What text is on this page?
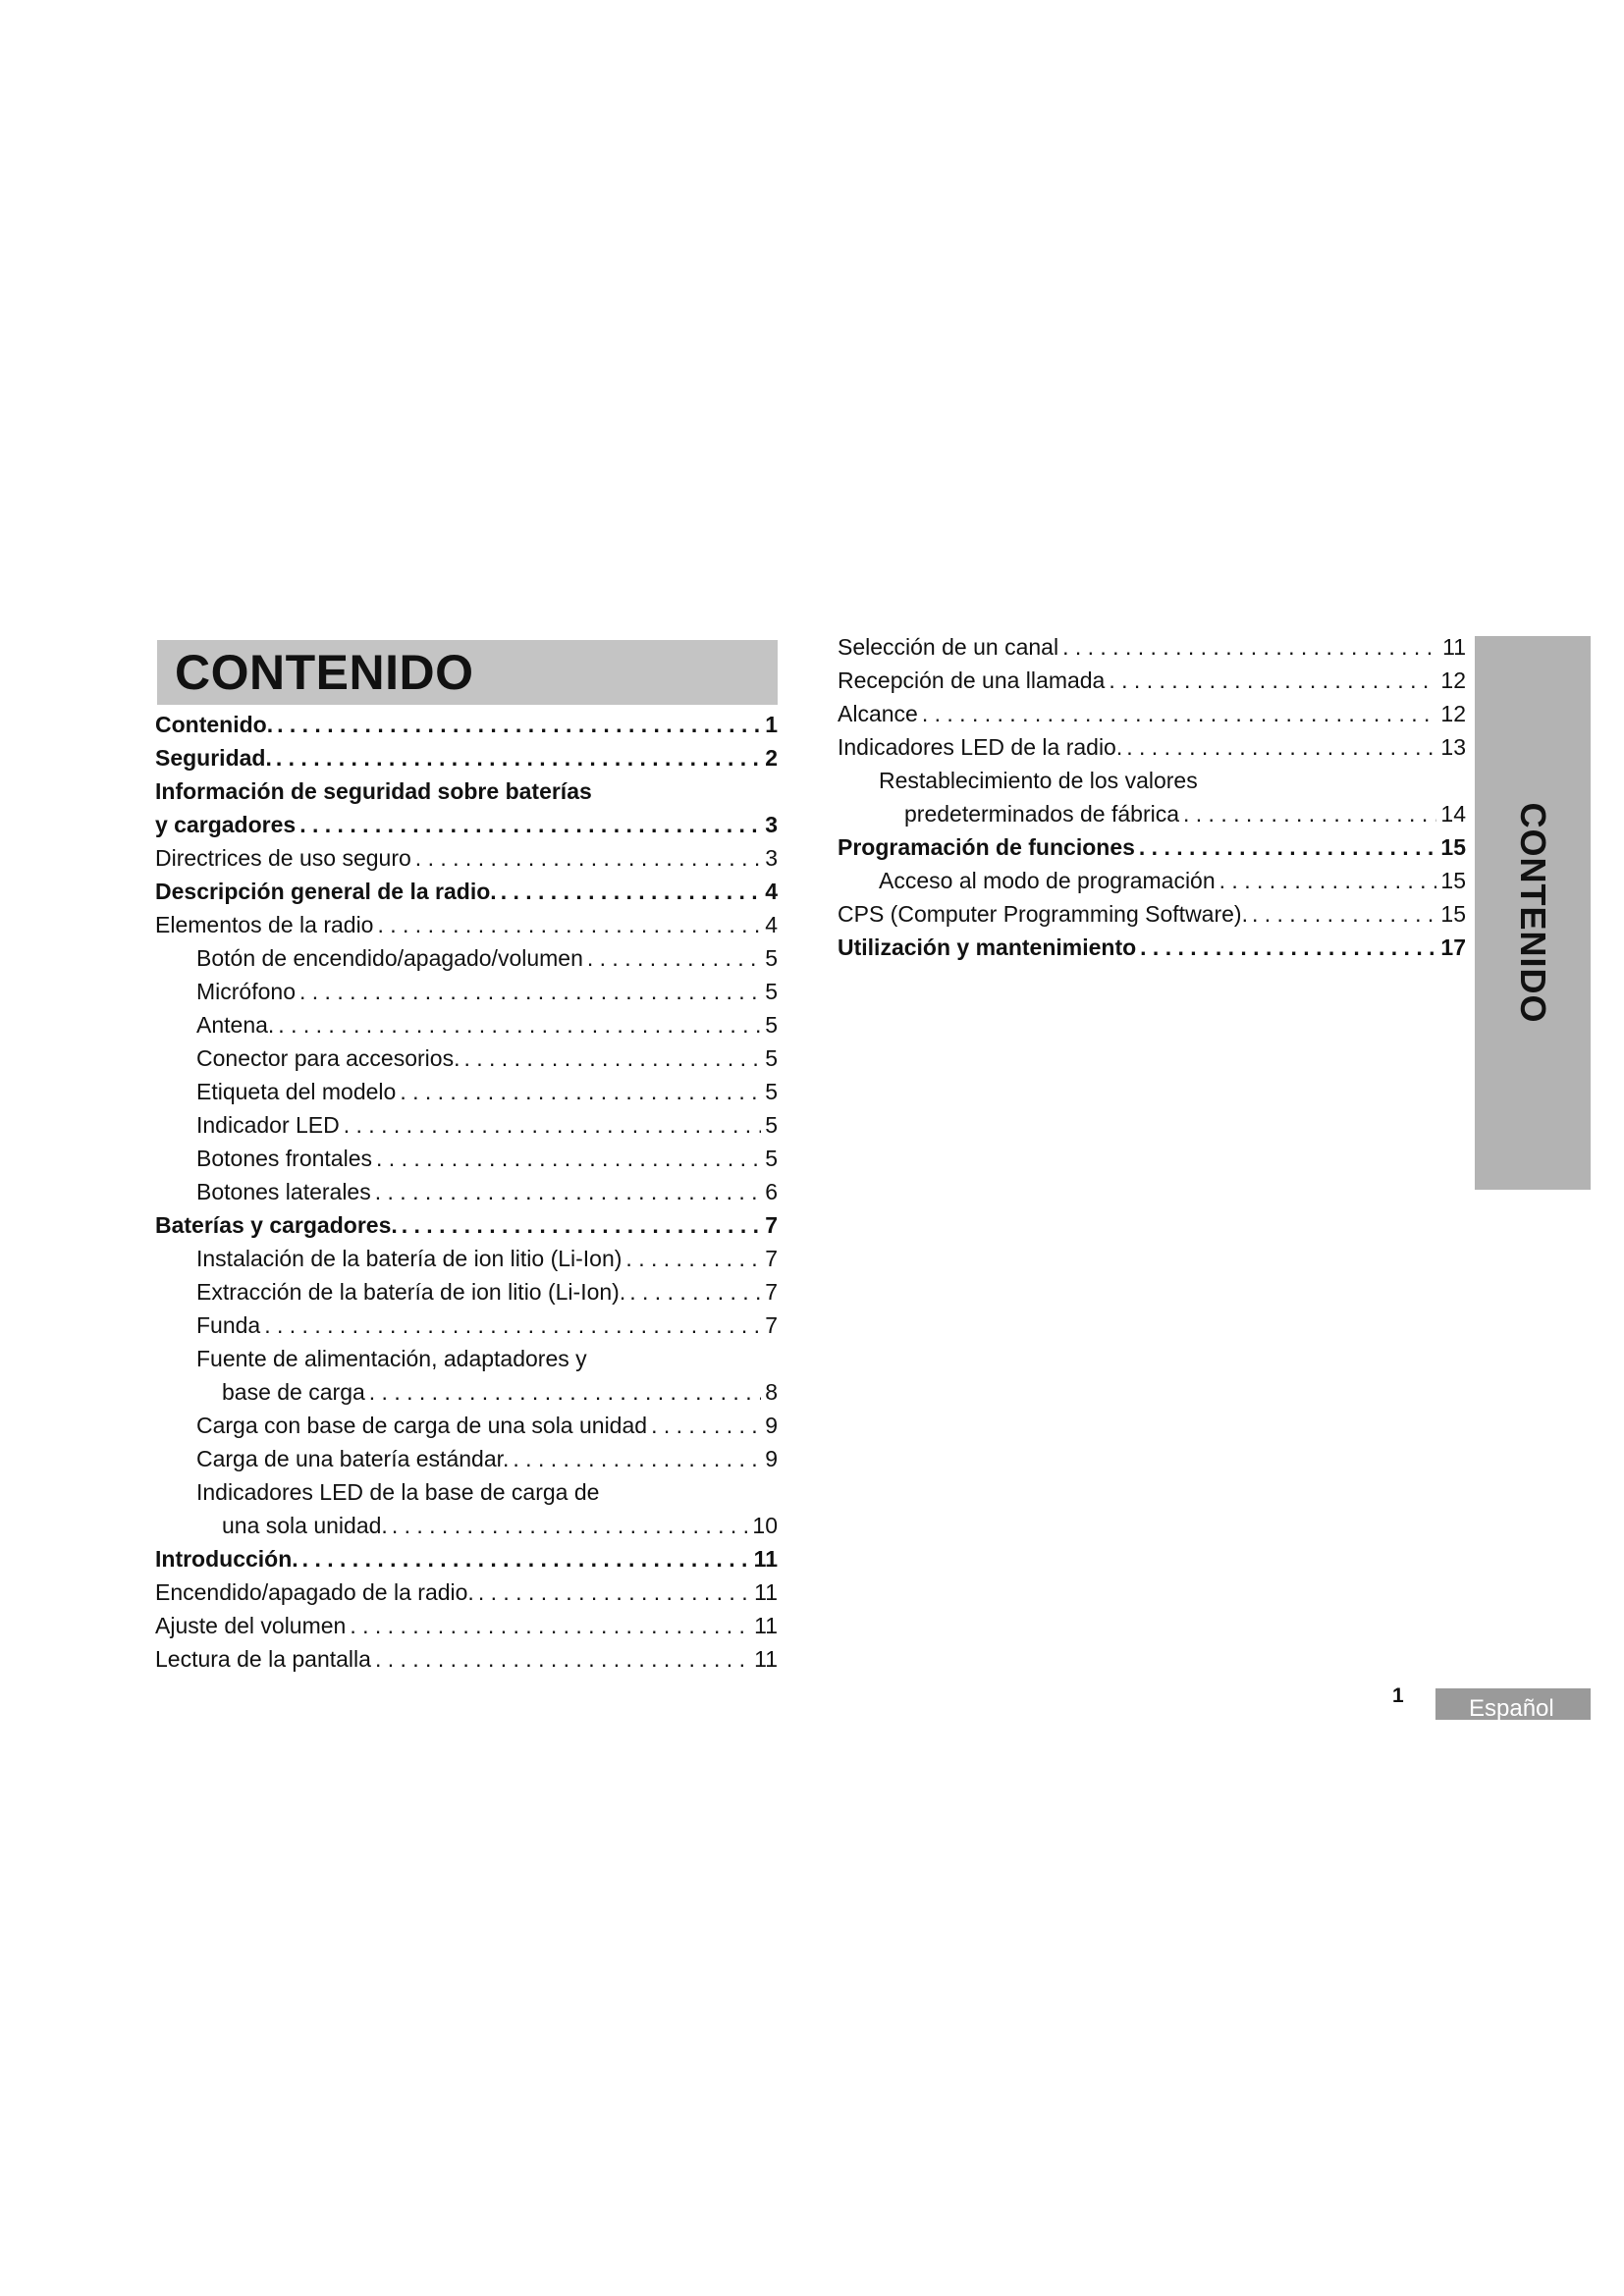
CONTENIDO
Contenido. . . .	1
Seguridad. . . .	2
Información de seguridad sobre baterías
y cargadores . . .	3
Directrices de uso seguro . . .	3
Descripción general de la radio. . . .	4
Elementos de la radio . . .	4
Botón de encendido/apagado/volumen . . .	5
Micrófono . . .	5
Antena. . . .	5
Conector para accesorios. . . .	5
Etiqueta del modelo . . .	5
Indicador LED . . .	5
Botones frontales . . .	5
Botones laterales . . .	6
Baterías y cargadores. . . .	7
Instalación de la batería de ion litio (Li-Ion) . . .	7
Extracción de la batería de ion litio (Li-Ion). . . .	7
Funda . . .	7
Fuente de alimentación, adaptadores y
base de carga . . .	8
Carga con base de carga de una sola unidad . . .	9
Carga de una batería estándar. . . .	9
Indicadores LED de la base de carga de
una sola unidad. . . .	10
Introducción. . . .	11
Encendido/apagado de la radio. . . .	11
Ajuste del volumen . . .	11
Lectura de la pantalla . . .	11
Selección de un canal . . .	11
Recepción de una llamada . . .	12
Alcance . . .	12
Indicadores LED de la radio. . . .	13
Restablecimiento de los valores
predeterminados de fábrica . . .	14
Programación de funciones . . .	15
Acceso al modo de programación . . .	15
CPS (Computer Programming Software). . . .	15
Utilización y mantenimiento . . .	17 CONTENIDO
1	Español
